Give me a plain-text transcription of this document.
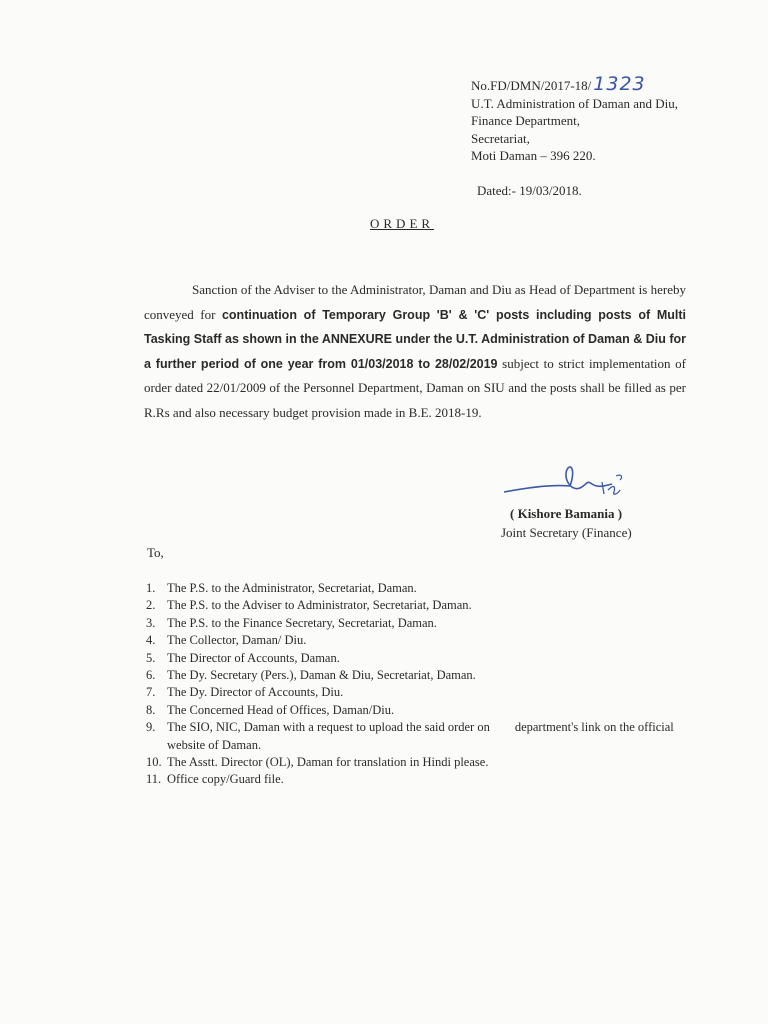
No.FD/DMN/2017-18/ 1323
U.T. Administration of Daman and Diu,
Finance Department,
Secretariat,
Moti Daman – 396 220.
Dated:- 19/03/2018.
ORDER
Sanction of the Adviser to the Administrator, Daman and Diu as Head of Department is hereby conveyed for continuation of Temporary Group 'B' & 'C' posts including posts of Multi Tasking Staff as shown in the ANNEXURE under the U.T. Administration of Daman & Diu for a further period of one year from 01/03/2018 to 28/02/2019 subject to strict implementation of order dated 22/01/2009 of the Personnel Department, Daman on SIU and the posts shall be filled as per R.Rs and also necessary budget provision made in B.E. 2018-19.
( Kishore Bamania )
Joint Secretary (Finance)
To,
1. The P.S. to the Administrator, Secretariat, Daman.
2. The P.S. to the Adviser to Administrator, Secretariat, Daman.
3. The P.S. to the Finance Secretary, Secretariat, Daman.
4. The Collector, Daman/ Diu.
5. The Director of Accounts, Daman.
6. The Dy. Secretary (Pers.), Daman & Diu, Secretariat, Daman.
7. The Dy. Director of Accounts, Diu.
8. The Concerned Head of Offices, Daman/Diu.
9. The SIO, NIC, Daman with a request to upload the said order on        department's link on the official website of Daman.
10. The Asstt. Director (OL), Daman for translation in Hindi please.
11. Office copy/Guard file.
